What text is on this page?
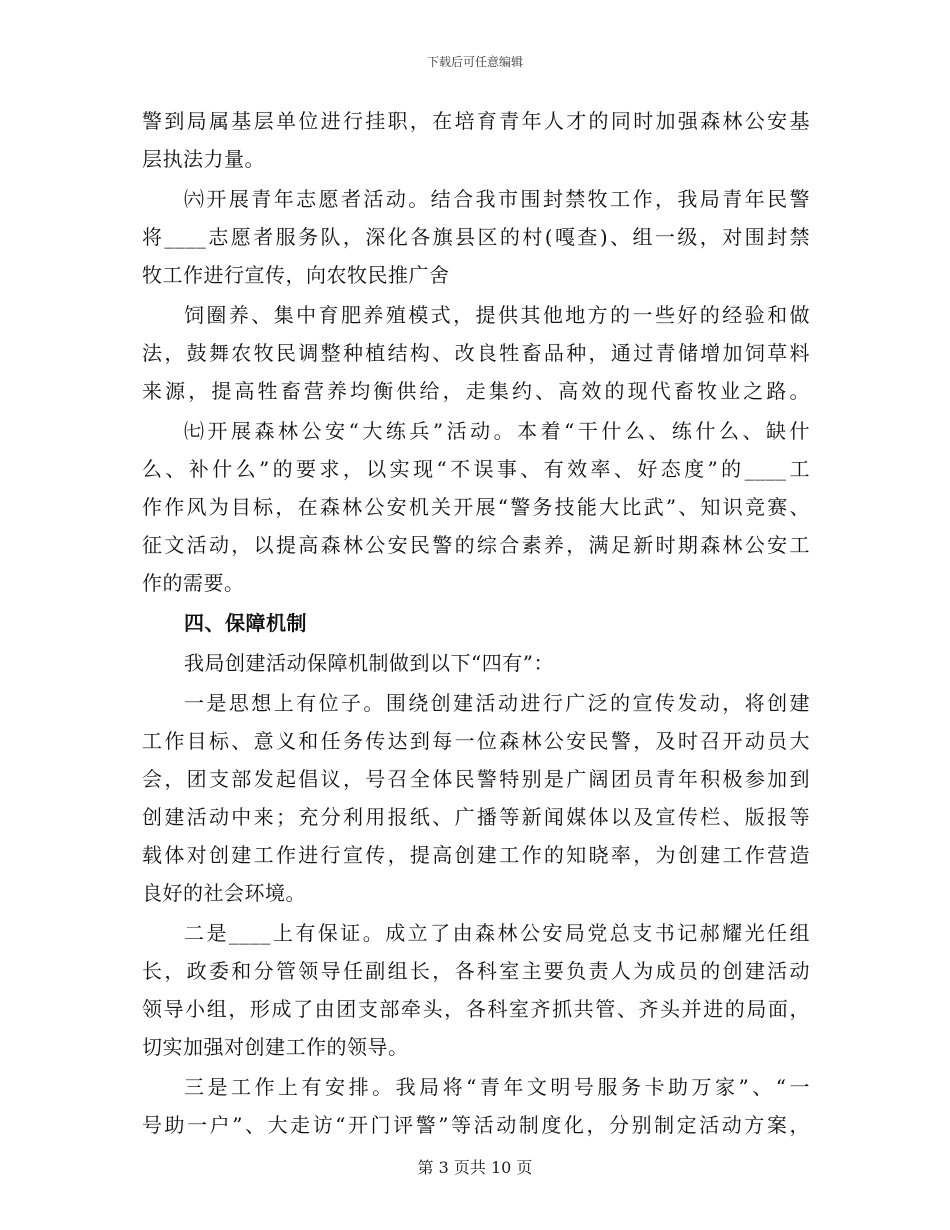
下载后可任意编辑
警到局属基层单位进行挂职，在培育青年人才的同时加强森林公安基
层执法力量。
㈥开展青年志愿者活动。结合我市围封禁牧工作，我局青年民警
将____志愿者服务队，深化各旗县区的村(嘎查)、组一级，对围封禁
牧工作进行宣传，向农牧民推广舍
饲圈养、集中育肥养殖模式，提供其他地方的一些好的经验和做
法，鼓舞农牧民调整种植结构、改良牲畜品种，通过青储增加饲草料
来源，提高牲畜营养均衡供给，走集约、高效的现代畜牧业之路。
㈦开展森林公安“大练兵”活动。本着“干什么、练什么、缺什
么、补什么”的要求，以实现“不误事、有效率、好态度”的____工
作作风为目标，在森林公安机关开展“警务技能大比武”、知识竞赛、
征文活动，以提高森林公安民警的综合素养，满足新时期森林公安工
作的需要。
四、保障机制
我局创建活动保障机制做到以下“四有”：
一是思想上有位子。围绕创建活动进行广泛的宣传发动，将创建
工作目标、意义和任务传达到每一位森林公安民警，及时召开动员大
会，团支部发起倡议，号召全体民警特别是广阔团员青年积极参加到
创建活动中来；充分利用报纸、广播等新闻媒体以及宣传栏、版报等
载体对创建工作进行宣传，提高创建工作的知晓率，为创建工作营造
良好的社会环境。
二是____上有保证。成立了由森林公安局党总支书记郝耀光任组
长，政委和分管领导任副组长，各科室主要负责人为成员的创建活动
领导小组，形成了由团支部牵头，各科室齐抓共管、齐头并进的局面，
切实加强对创建工作的领导。
三是工作上有安排。我局将“青年文明号服务卡助万家”、“一
号助一户”、大走访“开门评警”等活动制度化，分别制定活动方案，
第 3 页共 10 页
